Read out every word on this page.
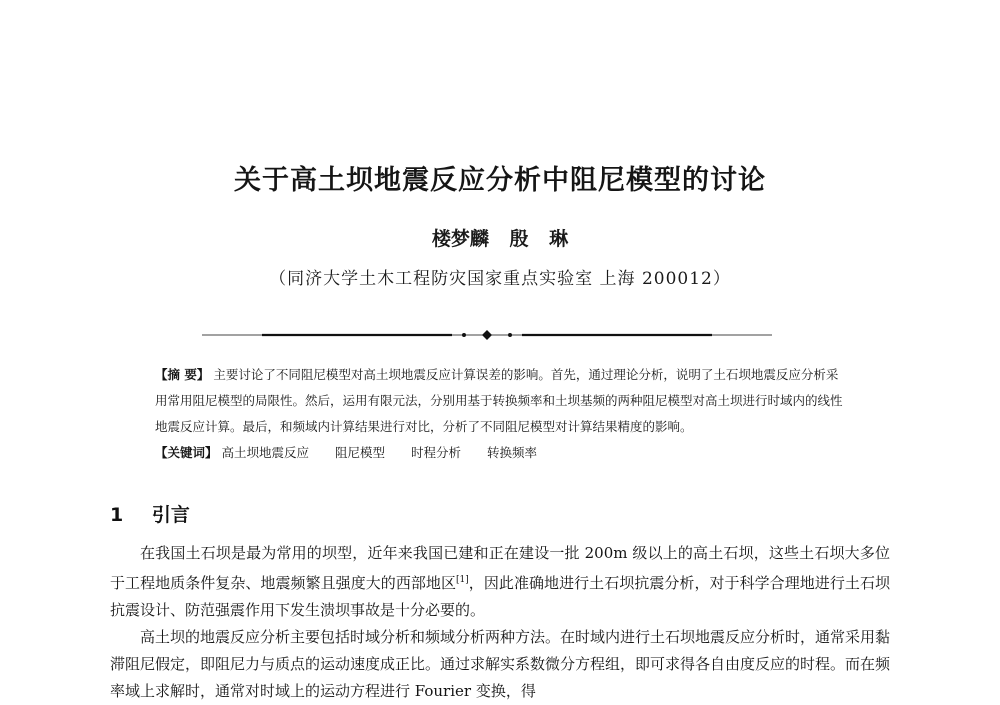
关于高土坝地震反应分析中阻尼模型的讨论
楼梦麟 殷 琳
（同济大学土木工程防灾国家重点实验室 上海 200012）

【摘 要】 主要讨论了不同阻尼模型对高土坝地震反应计算误差的影响。首先，通过理论分析，说明了土石坝地震反应分析采用常用阻尼模型的局限性。然后，运用有限元法，分别用基于转换频率和土坝基频的两种阻尼模型对高土坝进行时域内的线性地震反应计算。最后，和频域内计算结果进行对比，分析了不同阻尼模型对计算结果精度的影响。

【关键词】 高土坝地震反应 阻尼模型 时程分析 转换频率

1 引言

在我国土石坝是最为常用的坝型，近年来我国已建和正在建设一批 200m 级以上的高土石坝，这些土石坝大多位于工程地质条件复杂、地震频繁且强度大的西部地区[1]，因此准确地进行土石坝抗震分析，对于科学合理地进行土石坝抗震设计、防范强震作用下发生溃坝事故是十分必要的。

高土坝的地震反应分析主要包括时域分析和频域分析两种方法。在时域内进行土石坝地震反应分析时，通常采用黏滞阻尼假定，即阻尼力与质点的运动速度成正比。通过求解实系数微分方程组，即可求得各自由度反应的时程。而在频率域上求解时，通常对时域上的运动方程进行 Fourier 变换，得
